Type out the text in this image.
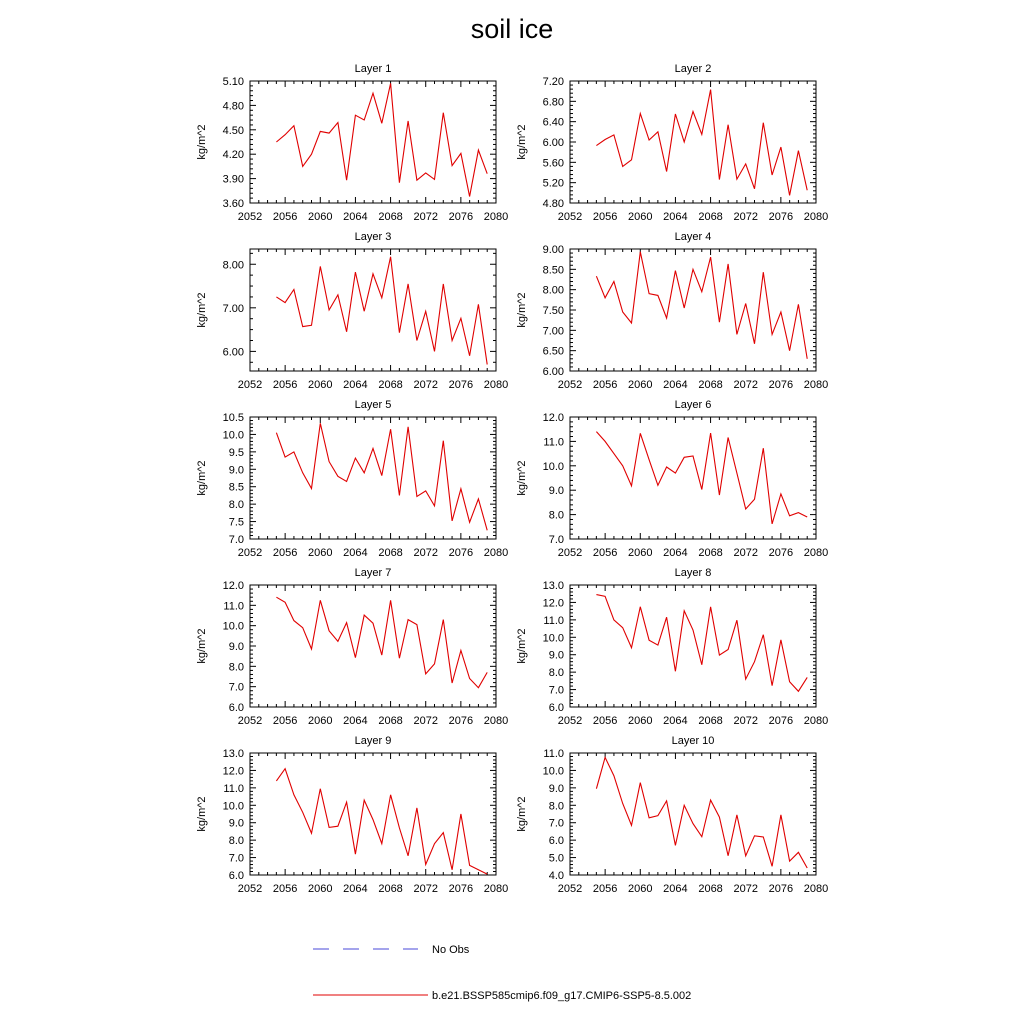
soil ice
Layer 1
2052 2056 2060 2064 2068 2072 2076 2080
3.60
3.90
4.20
4.50
4.80
5.10
kg/m^2
Layer 2
2052 2056 2060 2064 2068 2072 2076 2080
4.80
5.20
5.60
6.00
6.40
6.80
7.20
kg/m^2
Layer 3
2052 2056 2060 2064 2068 2072 2076 2080
6.00
7.00
8.00
kg/m^2
Layer 4
2052 2056 2060 2064 2068 2072 2076 2080
6.00
6.50
7.00
7.50
8.00
8.50
9.00
kg/m^2
Layer 5
2052 2056 2060 2064 2068 2072 2076 2080
7.0
7.5
8.0
8.5
9.0
9.5
10.0
10.5
kg/m^2
Layer 6
2052 2056 2060 2064 2068 2072 2076 2080
7.0
8.0
9.0
10.0
11.0
12.0
kg/m^2
Layer 7
2052 2056 2060 2064 2068 2072 2076 2080
6.0
7.0
8.0
9.0
10.0
11.0
12.0
kg/m^2
Layer 8
2052 2056 2060 2064 2068 2072 2076 2080
6.0
7.0
8.0
9.0
10.0
11.0
12.0
13.0
kg/m^2
Layer 9
2052 2056 2060 2064 2068 2072 2076 2080
6.0
7.0
8.0
9.0
10.0
11.0
12.0
13.0
kg/m^2
Layer 10
2052 2056 2060 2064 2068 2072 2076 2080
4.0
5.0
6.0
7.0
8.0
9.0
10.0
11.0
kg/m^2
No Obs
b.e21.BSSP585cmip6.f09_g17.CMIP6-SSP5-8.5.002
